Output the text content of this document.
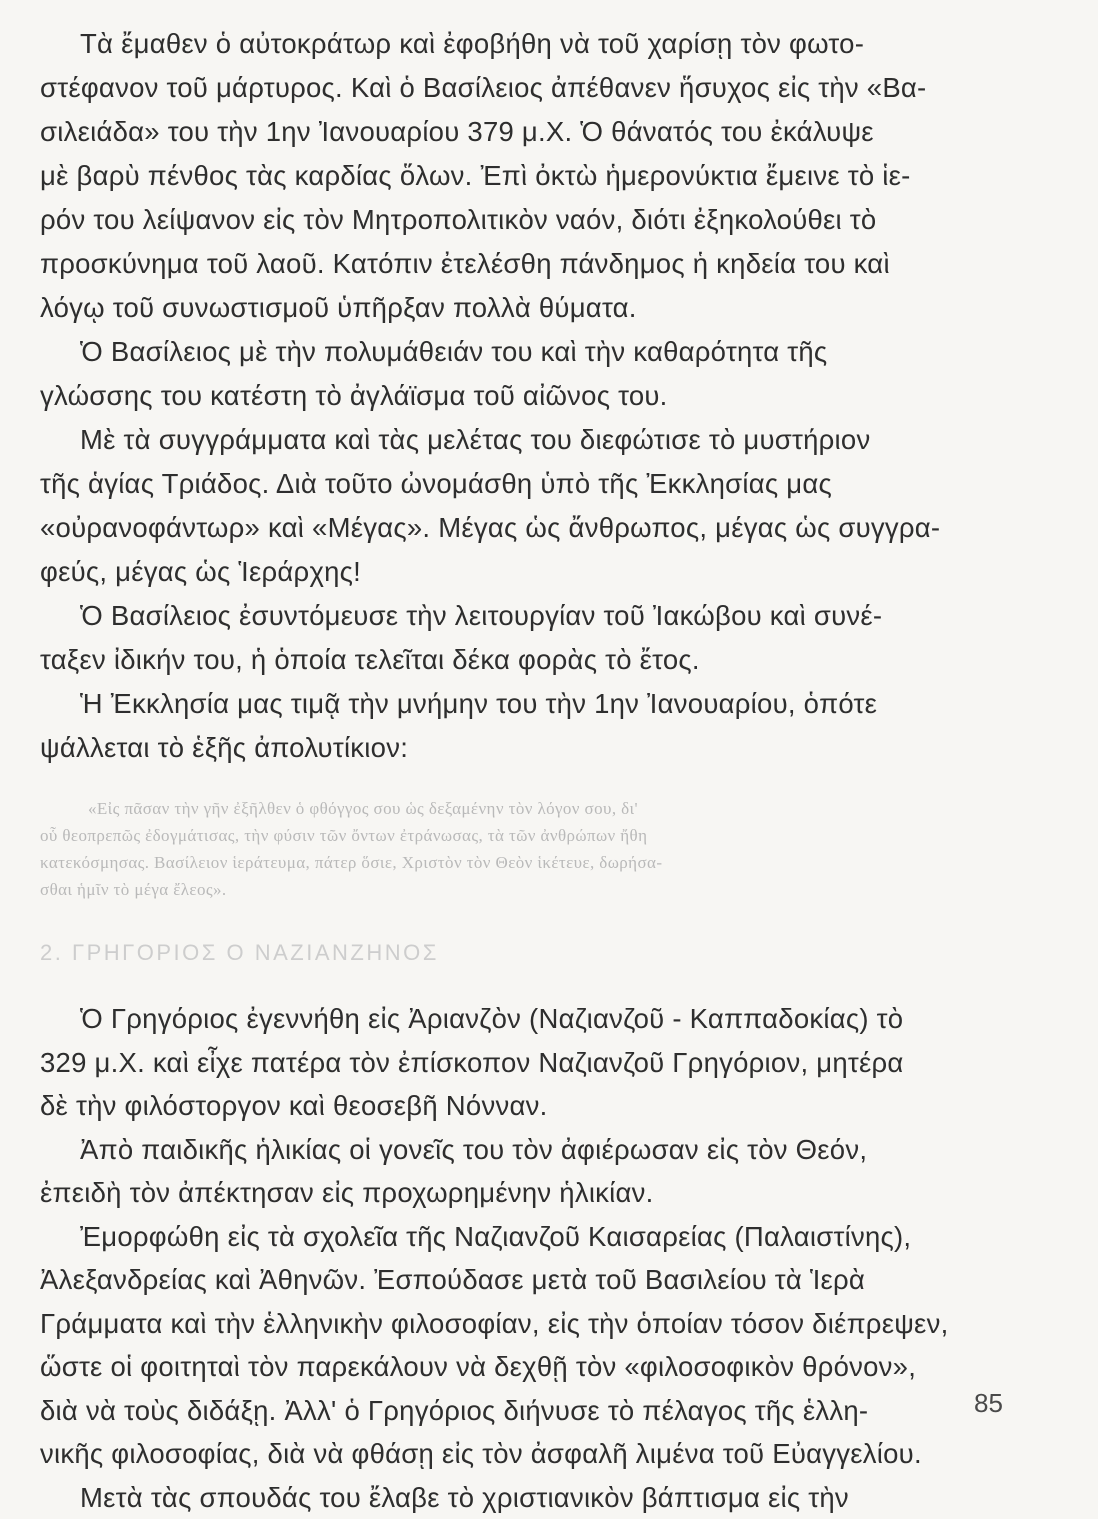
Τὰ ἔμαθεν ὁ αὐτοκράτωρ καὶ ἐφοβήθη νὰ τοῦ χαρίσῃ τὸν φωτο-
στέφανον τοῦ μάρτυρος. Καὶ ὁ Βασίλειος ἀπέθανεν ἥσυχος εἰς τὴν «Βα-
σιλειάδα» του τὴν 1ην Ἰανουαρίου 379 μ.Χ. Ὁ θάνατός του ἐκάλυψε
μὲ βαρὺ πένθος τὰς καρδίας ὅλων. Ἐπὶ ὀκτὼ ἡμερονύκτια ἔμεινε τὸ ἱε-
ρόν του λείψανον εἰς τὸν Μητροπολιτικὸν ναόν, διότι ἐξηκολούθει τὸ
προσκύνημα τοῦ λαοῦ. Κατόπιν ἐτελέσθη πάνδημος ἡ κηδεία του καὶ
λόγῳ τοῦ συνωστισμοῦ ὑπῆρξαν πολλὰ θύματα.
Ὁ Βασίλειος μὲ τὴν πολυμάθειάν του καὶ τὴν καθαρότητα τῆς
γλώσσης του κατέστη τὸ ἀγλάϊσμα τοῦ αἰῶνος του.
Μὲ τὰ συγγράμματα καὶ τὰς μελέτας του διεφώτισε τὸ μυστήριον
τῆς ἁγίας Τριάδος. Διὰ τοῦτο ὠνομάσθη ὑπὸ τῆς Ἐκκλησίας μας
«οὐρανοφάντωρ» καὶ «Μέγας». Μέγας ὡς ἄνθρωπος, μέγας ὡς συγγρα-
φεύς, μέγας ὡς Ἱεράρχης!
Ὁ Βασίλειος ἐσυντόμευσε τὴν λειτουργίαν τοῦ Ἰακώβου καὶ συνέ-
ταξεν ἰδικήν του, ἡ ὁποία τελεῖται δέκα φορὰς τὸ ἔτος.
Ἡ Ἐκκλησία μας τιμᾷ τὴν μνήμην του τὴν 1ην Ἰανουαρίου, ὁπότε
ψάλλεται τὸ ἑξῆς ἀπολυτίκιον:
«Εἰς πᾶσαν τὴν γῆν ἐξῆλθεν ὁ φθόγγος σου ὡς δεξαμένην τὸν λόγον σου, δι'
οὗ θεοπρεπῶς ἐδογμάτισας, τὴν φύσιν τῶν ὄντων ἐτράνωσας, τὰ τῶν ἀνθρώπων ἤθη
κατεκόσμησας. Βασίλειον ἱεράτευμα, πάτερ ὅσιε, Χριστὸν τὸν Θεὸν ἱκέτευε, δωρήσα-
σθαι ἡμῖν τὸ μέγα ἔλεος».
2. ΓΡΗΓΟΡΙΟΣ Ο ΝΑΖΙΑΝΖΗΝΟΣ
Ὁ Γρηγόριος ἐγεννήθη εἰς Ἀριανζὸν (Ναζιανζοῦ - Καππαδοκίας) τὸ
329 μ.Χ. καὶ εἶχε πατέρα τὸν ἐπίσκοπον Ναζιανζοῦ Γρηγόριον, μητέρα
δὲ τὴν φιλόστοργον καὶ θεοσεβῆ Νόνναν.
Ἀπὸ παιδικῆς ἡλικίας οἱ γονεῖς του τὸν ἀφιέρωσαν εἰς τὸν Θεόν,
ἐπειδὴ τὸν ἀπέκτησαν εἰς προχωρημένην ἡλικίαν.
Ἐμορφώθη εἰς τὰ σχολεῖα τῆς Ναζιανζοῦ Καισαρείας (Παλαιστίνης),
Ἀλεξανδρείας καὶ Ἀθηνῶν. Ἐσπούδασε μετὰ τοῦ Βασιλείου τὰ Ἱερὰ
Γράμματα καὶ τὴν ἑλληνικὴν φιλοσοφίαν, εἰς τὴν ὁποίαν τόσον διέπρεψεν,
ὥστε οἱ φοιτηταὶ τὸν παρεκάλουν νὰ δεχθῇ τὸν «φιλοσοφικὸν θρόνον»,
διὰ νὰ τοὺς διδάξῃ. Ἀλλ' ὁ Γρηγόριος διήνυσε τὸ πέλαγος τῆς ἑλλη-
νικῆς φιλοσοφίας, διὰ νὰ φθάσῃ εἰς τὸν ἀσφαλῆ λιμένα τοῦ Εὐαγγελίου.
Μετὰ τὰς σπουδάς του ἔλαβε τὸ χριστιανικὸν βάπτισμα εἰς τὴν
85
